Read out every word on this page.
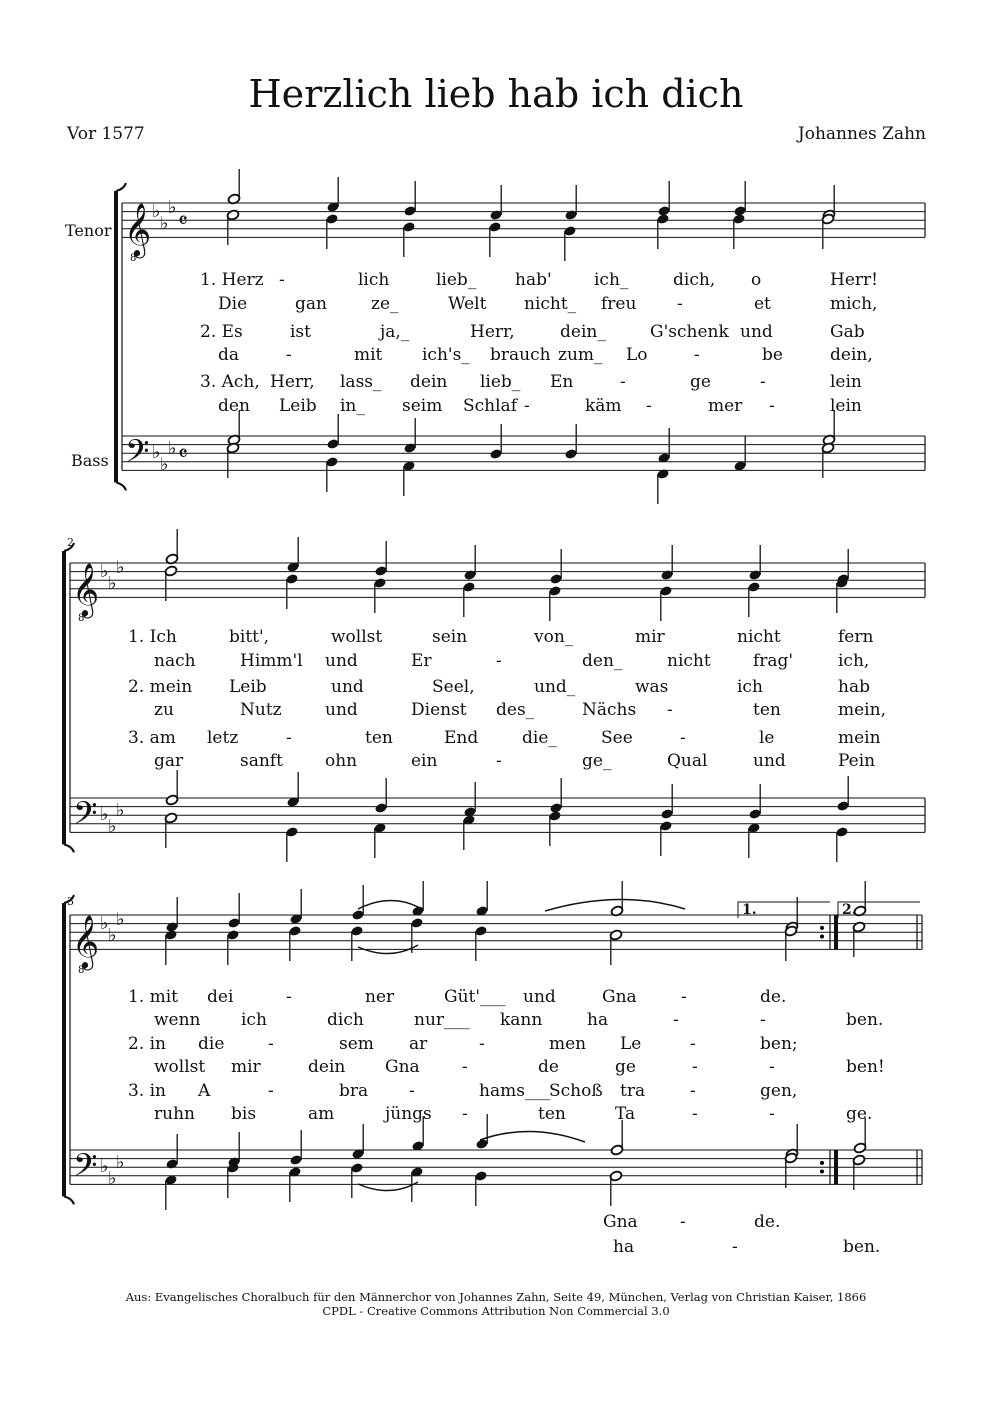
Herzlich lieb hab ich dich
Vor 1577	Johannes Zahn
Tenor
Bass
2
3
𝄞
8
𝄢
♭
♭
♭
♭
♭
♭
𝄴
𝄴
𝄞
8
𝄢
♭
♭
♭
♭
♭
♭
𝄞
8
𝄢
♭
♭
♭
♭
♭
♭
1.	2.
1. Herz -	lich	lieb_ hab' ich_	dich, o	Herr!
Die	gan	ze_	Welt nicht_ freu -	et	mich,
2. Es	ist	ja,_	Herr,	dein_	G'schenk und	Gab
da	-	mit ich's_ brauch zum_ Lo	-	be	dein,
3. Ach, Herr, lass_ dein lieb_ En	-	ge	-	lein
den Leib in_ seim Schlaf -	käm -	mer -	lein
1. Ich	bitt',	wollst	sein	von_	mir	nicht	fern
nach	Himm'l und	Er	-	den_	nicht frag'	ich,
2. mein Leib	und	Seel,	und_	was	ich	hab
zu	Nutz	und	Dienst des_	Nächs -	ten	mein,
3. am letz	-	ten	End	die_	See	-	le	mein
gar	sanft ohn	ein	-	ge_	Qual	und	Pein
1. mit dei	-	ner	Güt'___ und	Gna	-	de.
wenn ich	dich	nur___ kann	ha	-	-	ben.
2. in die	-	sem ar	-	men Le	-	ben;
wollst mir	dein Gna -	de	ge	-	-	ben!
3. in A	-	bra -	hams___
Schoß tra	-	gen,
ruhn bis	am	jüngs -	ten	Ta	-	-	ge.
Gna -	de.
ha	-	ben.
Aus: Evangelisches Choralbuch für den Männerchor von Johannes Zahn, Seite 49, München, Verlag von Christian Kaiser, 1866
CPDL - Creative Commons Attribution Non Commercial 3.0
